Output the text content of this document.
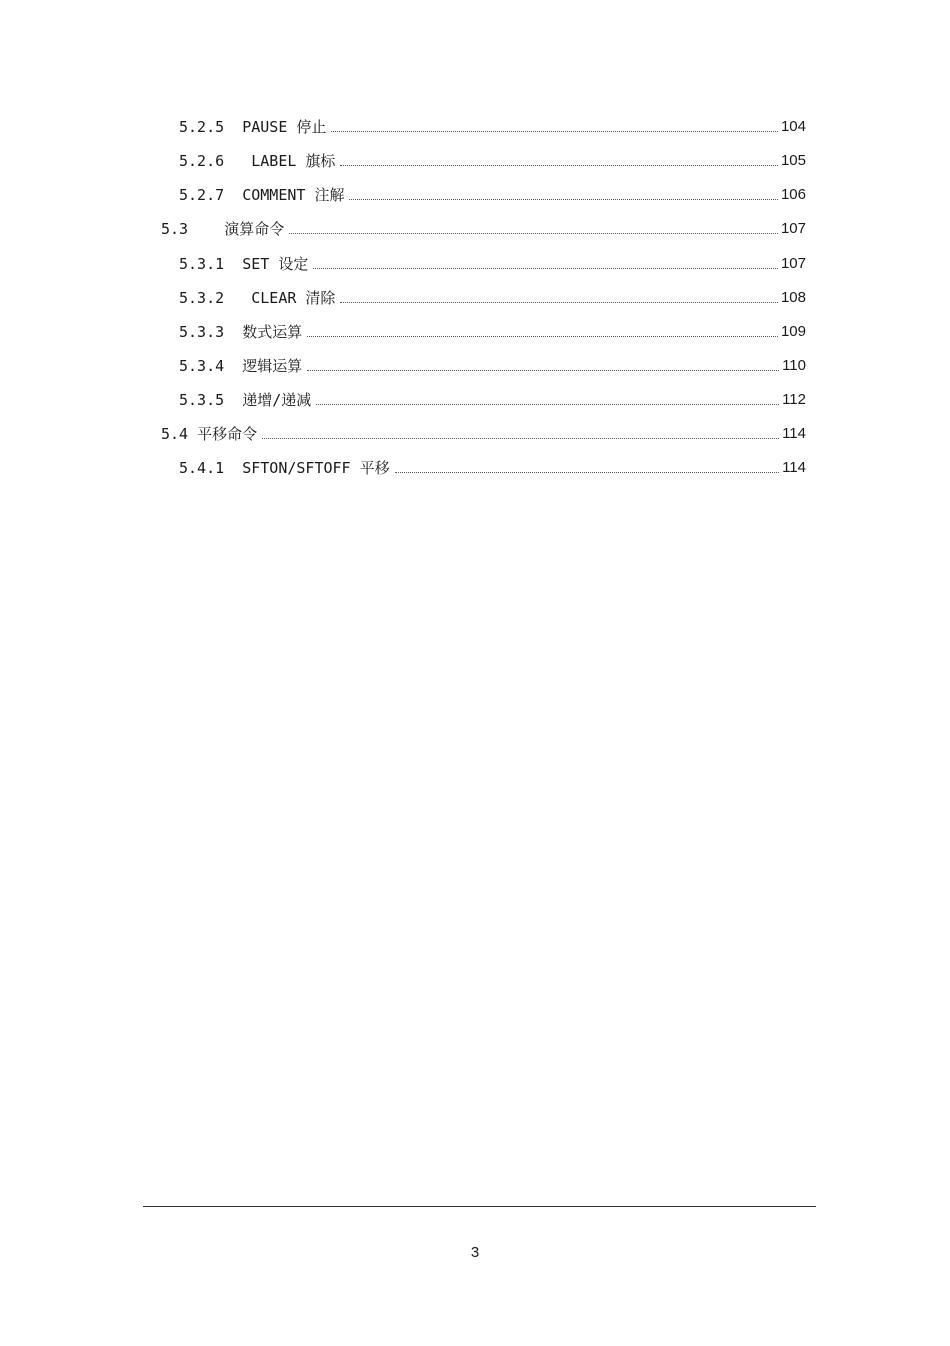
5.2.5 PAUSE 停止	104
5.2.6 LABEL 旗标	105
5.2.7 COMMENT 注解	106
5.3 演算命令	107
5.3.1 SET 设定	107
5.3.2 CLEAR 清除	108
5.3.3 数式运算	109
5.3.4 逻辑运算	110
5.3.5 递增/递减	112
5.4 平移命令	114
5.4.1 SFTON/SFTOFF 平移	114
3
